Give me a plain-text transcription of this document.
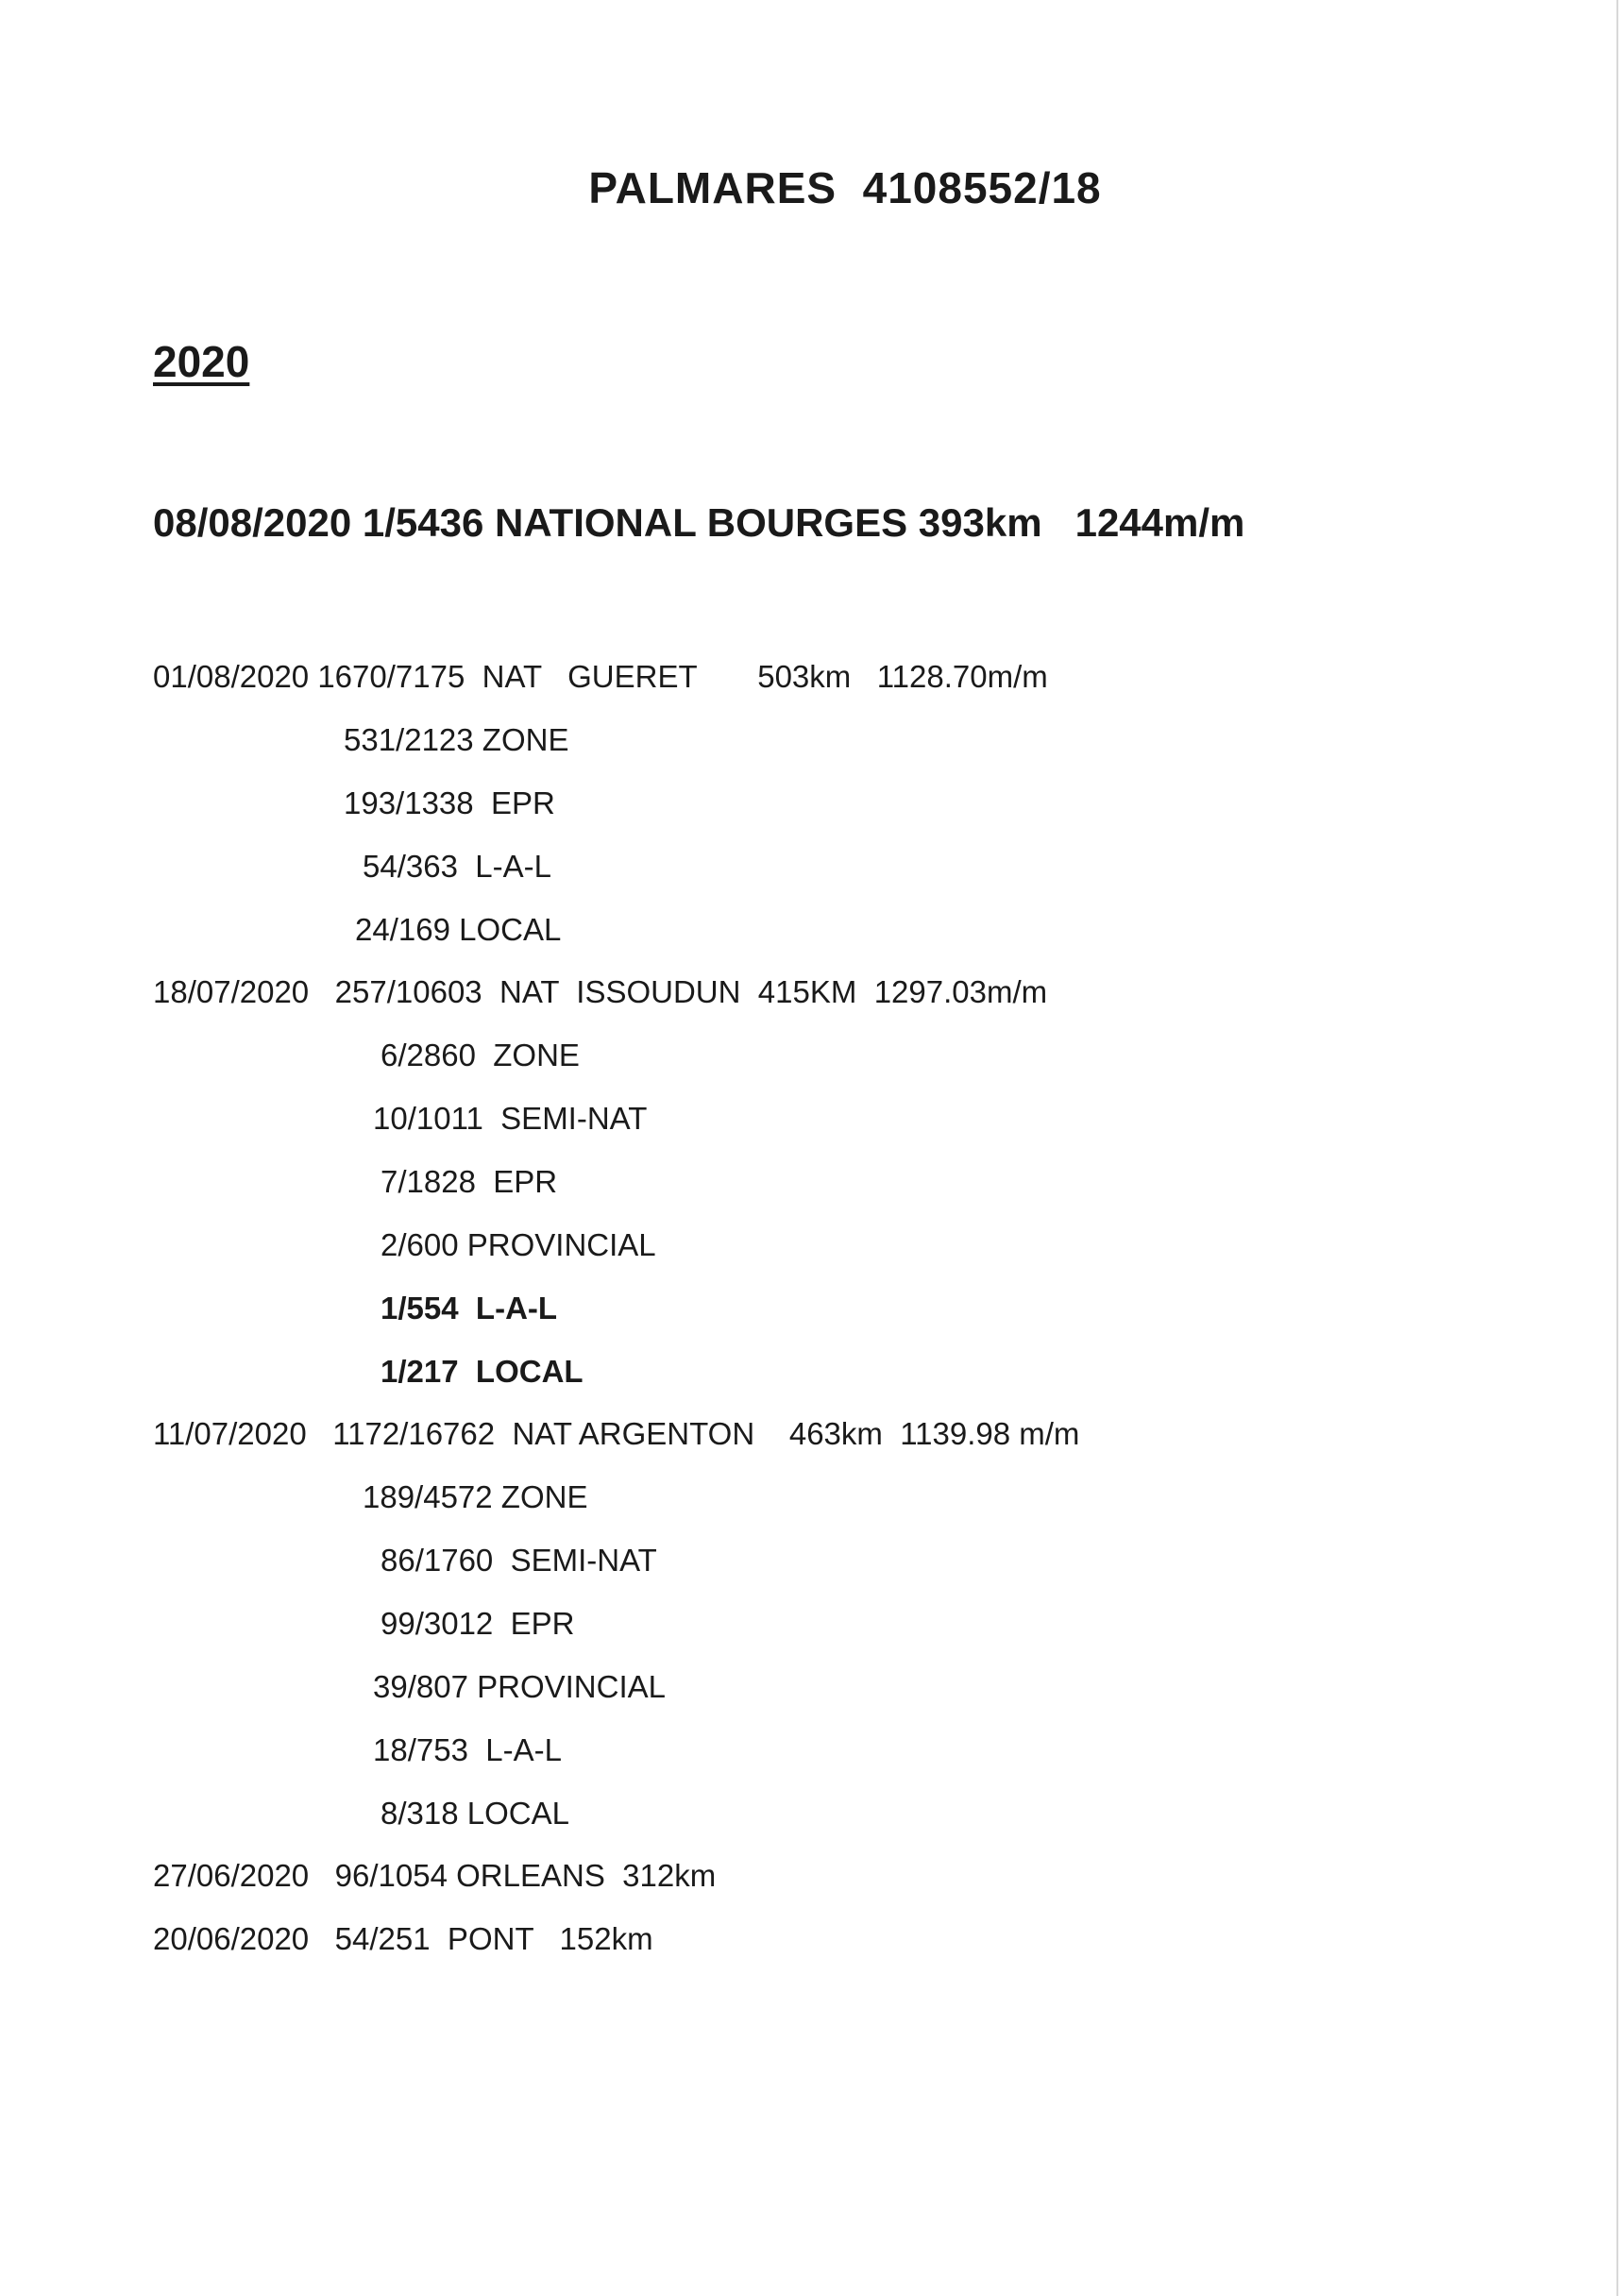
PALMARES  4108552/18
2020
08/08/2020 1/5436 NATIONAL BOURGES 393km   1244m/m
01/08/2020 1670/7175  NAT   GUERET       503km   1128.70m/m
531/2123 ZONE
193/1338  EPR
54/363  L-A-L
24/169 LOCAL
18/07/2020   257/10603  NAT  ISSOUDUN  415KM  1297.03m/m
6/2860  ZONE
10/1011  SEMI-NAT
7/1828  EPR
2/600 PROVINCIAL
1/554  L-A-L
1/217  LOCAL
11/07/2020   1172/16762  NAT ARGENTON    463km  1139.98 m/m
189/4572 ZONE
86/1760  SEMI-NAT
99/3012  EPR
39/807 PROVINCIAL
18/753  L-A-L
8/318 LOCAL
27/06/2020   96/1054 ORLEANS  312km
20/06/2020   54/251  PONT   152km
